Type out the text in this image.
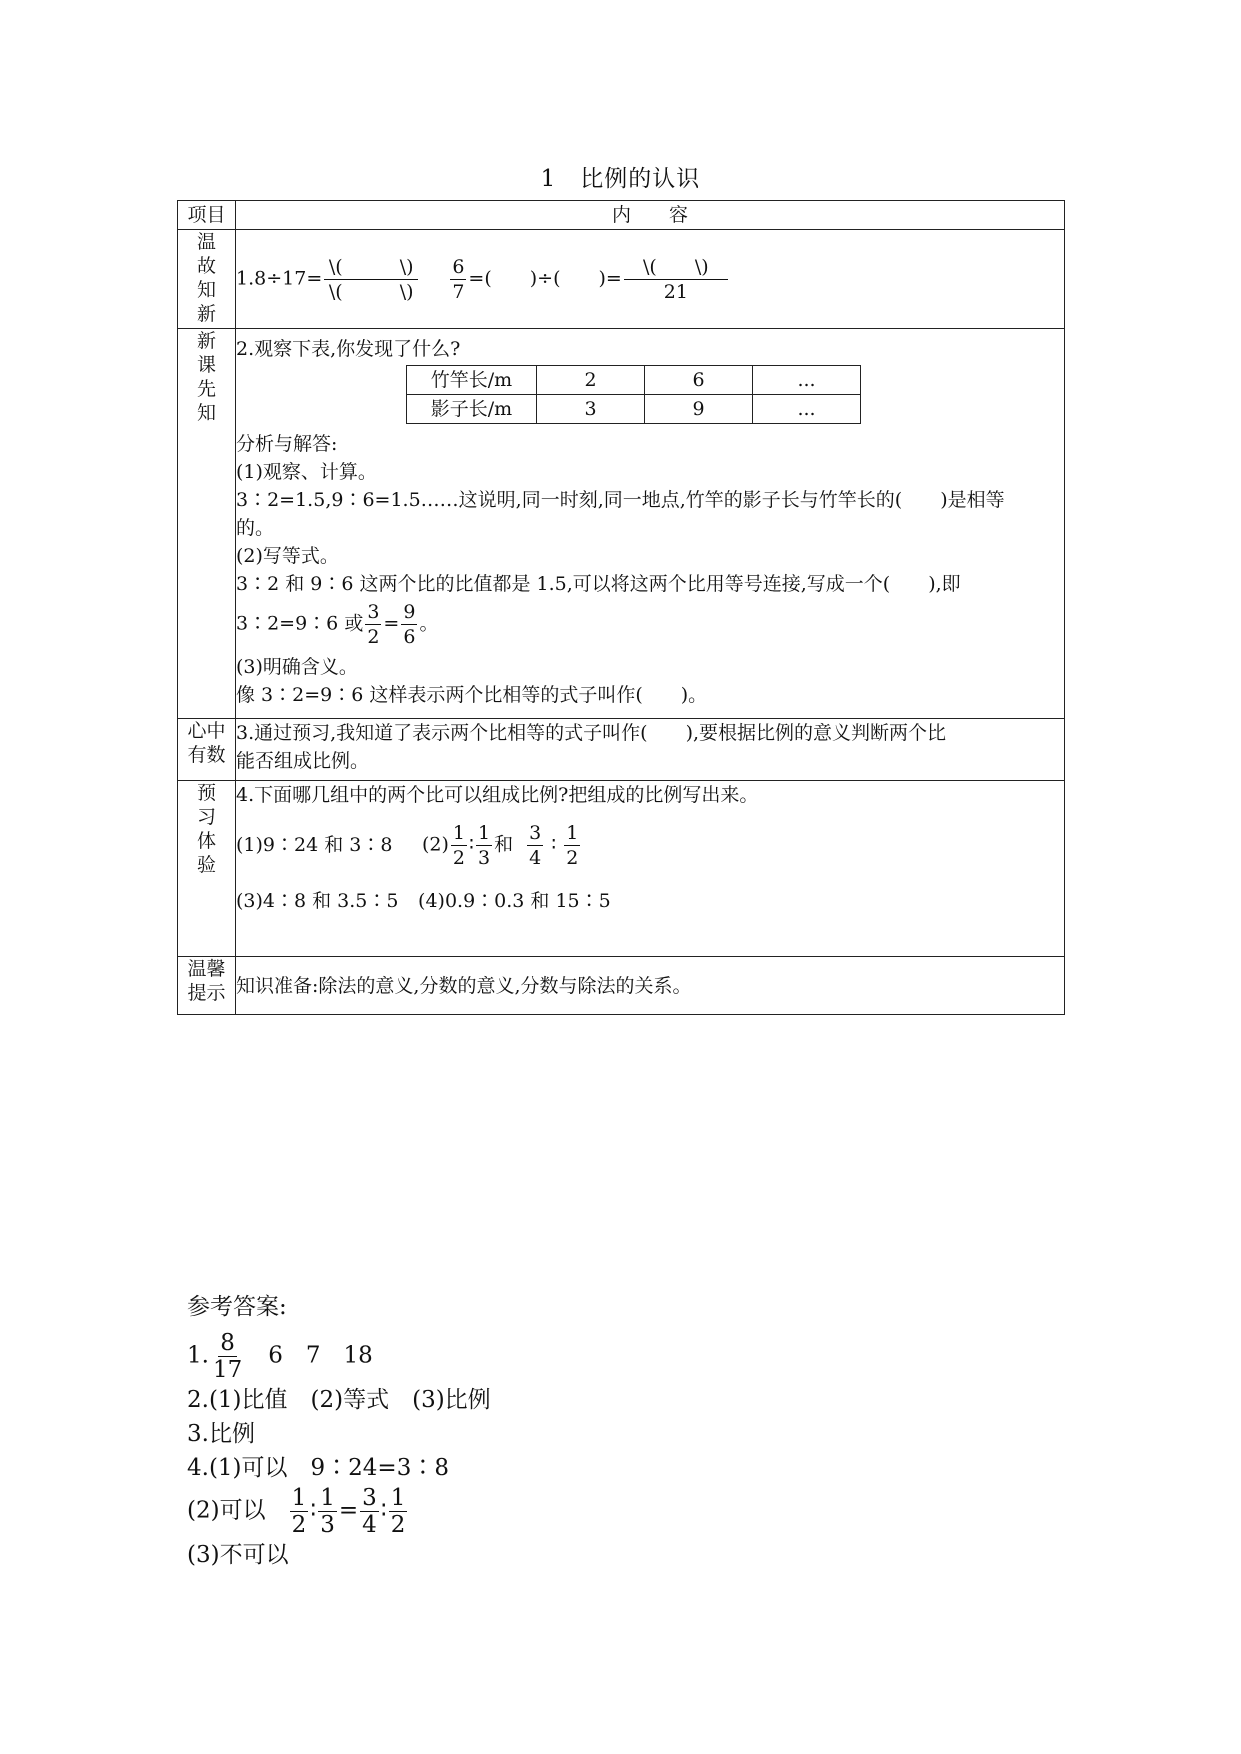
1　比例的认识
项目	内　　容
温故知新	
$1.8\div 17= \frac{\backslash( \backslash)}{\backslash( \backslash)}$
$\frac{6}{7}$ =(　　)÷(　　)= $\frac{\backslash( \backslash)}{21}$

新课先知	
2.观察下表,你发现了什么?
竹竿长/m	2	6	...
影子长/m	3	9	...
分析与解答:
(1)观察、计算。
3∶2=1.5,9∶6=1.5……这说明,同一时刻,同一地点,竹竿的影子长与竹竿长的(　　)是相等
的。
(2)写等式。
3∶2 和 9∶6 这两个比的比值都是 1.5,可以将这两个比用等号连接,写成一个(　　),即
3∶2=9∶6 或 $\frac{3}{2} = \frac{9}{6}$ 。
(3)明确含义。
像 3∶2=9∶6 这样表示两个比相等的式子叫作(　　)。

心中有数	
3.通过预习,我知道了表示两个比相等的式子叫作(　　),要根据比例的意义判断两个比
能否组成比例。

预习体验	
4.下面哪几组中的两个比可以组成比例?把组成的比例写出来。
(1)9∶24 和 3∶8	$(2) \frac{1}{2}$ ∶ $\frac{1}{3}$ 和 $\frac{3}{4}$ ∶ $\frac{1}{2}$
(3)4∶8 和 3.5∶5 (4)0.9∶0.3 和 15∶5

温馨提示	知识准备:除法的意义,分数的意义,分数与除法的关系。
参考答案:
1. $\frac{8}{17} 6$　7　18
2.(1)比值　(2)等式　(3)比例
3.比例
4.(1)可以　9∶24=3∶8
(2)可以 $\frac{1}{2}$ ∶ $\frac{1}{3} = \frac{3}{4}$ ∶ $\frac{1}{2}$
(3)不可以
